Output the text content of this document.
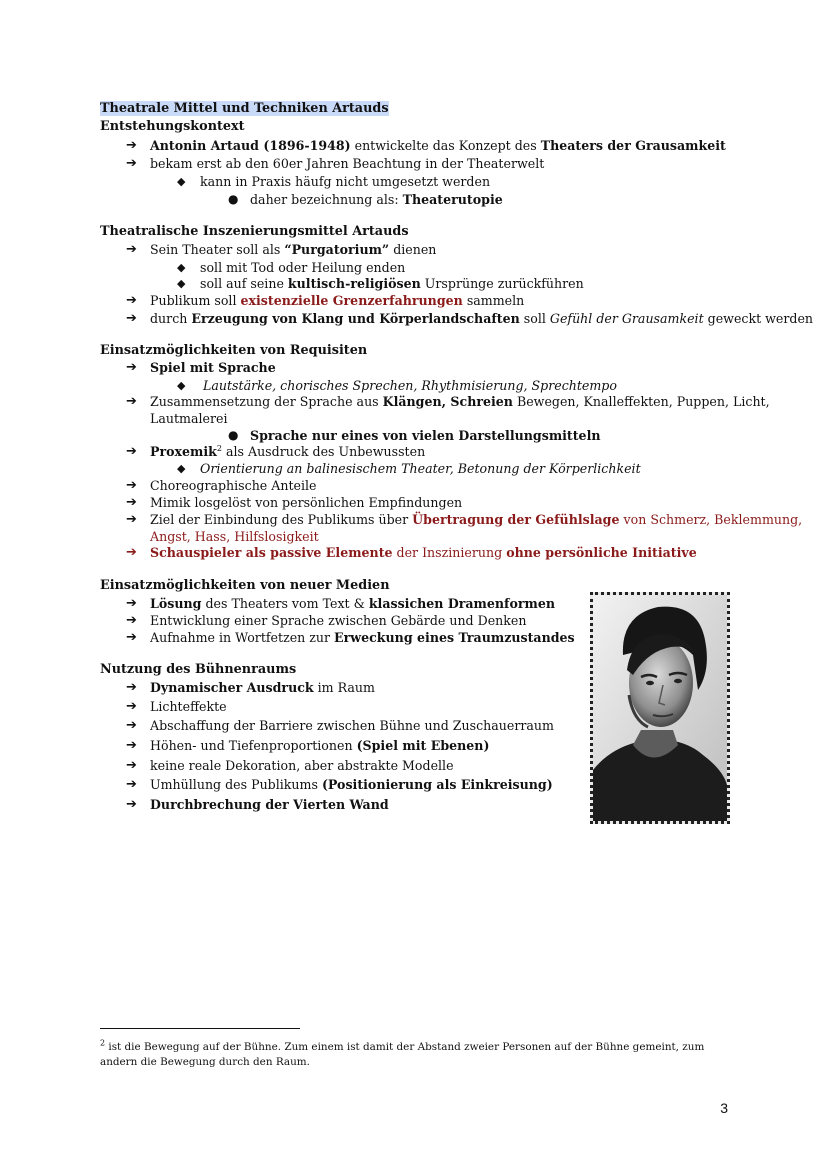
Theatrale Mittel und Techniken Artauds
Entstehungskontext
➔ Antonin Artaud (1896-1948) entwickelte das Konzept des Theaters der Grausamkeit
➔ bekam erst ab den 60er Jahren Beachtung in der Theaterwelt
◆ kann in Praxis häufg nicht umgesetzt werden
● daher bezeichnung als: Theaterutopie
Theatralische Inszenierungsmittel Artauds
➔ Sein Theater soll als “Purgatorium” dienen
◆ soll mit Tod oder Heilung enden
◆ soll auf seine kultisch-religiösen Ursprünge zurückführen
➔ Publikum soll existenzielle Grenzerfahrungen sammeln
➔ durch Erzeugung von Klang und Körperlandschaften soll Gefühl der Grausamkeit geweckt werden
Einsatzmöglichkeiten von Requisiten
➔ Spiel mit Sprache
◆ Lautstärke, chorisches Sprechen, Rhythmisierung, Sprechtempo
➔ Zusammensetzung der Sprache aus Klängen, Schreien Bewegen, Knalleffekten, Puppen, Licht,
Lautmalerei
● Sprache nur eines von vielen Darstellungsmitteln
➔ Proxemik$^2$ als Ausdruck des Unbewussten
◆ Orientierung an balinesischem Theater, Betonung der Körperlichkeit
➔ Choreographische Anteile
➔ Mimik losgelöst von persönlichen Empfindungen
➔ Ziel der Einbindung des Publikums über Übertragung der Gefühlslage von Schmerz, Beklemmung,
Angst, Hass, Hilfslosigkeit
➔ Schauspieler als passive Elemente der Inszinierung ohne persönliche Initiative
Einsatzmöglichkeiten von neuer Medien
➔ Lösung des Theaters vom Text & klassichen Dramenformen
➔ Entwicklung einer Sprache zwischen Gebärde und Denken
➔ Aufnahme in Wortfetzen zur Erweckung eines Traumzustandes
Nutzung des Bühnenraums
➔ Dynamischer Ausdruck im Raum
➔ Lichteffekte
➔ Abschaffung der Barriere zwischen Bühne und Zuschauerraum
➔ Höhen- und Tiefenproportionen (Spiel mit Ebenen)
➔ keine reale Dekoration, aber abstrakte Modelle
➔ Umhüllung des Publikums (Positionierung als Einkreisung)
➔ Durchbrechung der Vierten Wand
$^2$ ist die Bewegung auf der Bühne. Zum einem ist damit der Abstand zweier Personen auf der Bühne gemeint, zum
andern die Bewegung durch den Raum.
3
